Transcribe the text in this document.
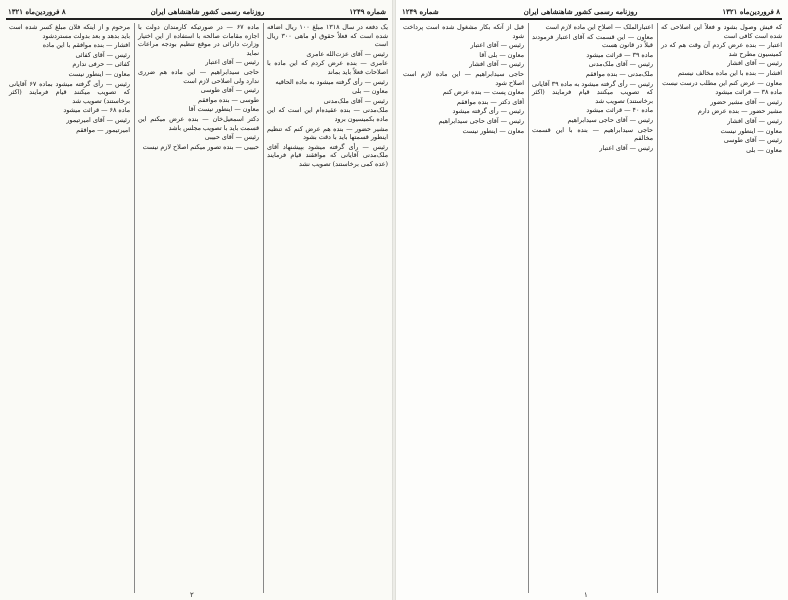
شماره ۱۲۴۹
روزنامه رسمی کشور شاهنشاهی ایران
۸ فروردین‌ماه ۱۳۲۱

یک دفعه در سال ۱۳۱۸ مبلغ ۱۰۰ ریال اضافه شده است که فعلاً حقوق او ماهی ۳۰۰ ریال است

رئیس — آقای عزت‌الله عامری

عامری — بنده عرض کردم که این ماده با اصلاحات فعلاً باید بماند

رئیس — رأی گرفته میشود به ماده الحاقیه

معاون — بلی

رئیس — آقای ملک‌مدنی

ملک‌مدنی — بنده عقیده‌ام این است که این ماده بکمیسیون برود

مشیر حضور — بنده هم عرض کنم که تنظیم اینطور قسمتها باید با دقت بشود

رئیس — رأی گرفته میشود بپیشنهاد آقای ملک‌مدنی آقایانی که موافقند قیام فرمایند (عده کمی برخاستند) تصویب نشد

ماده ۶۷ — در صورتیکه کارمندان دولت با اجازه مقامات صالحه با استفاده از این اختیار وزارت دارائی در موقع تنظیم بودجه مراعات نماید

رئیس — آقای اعتبار

حاجی سیدابراهیم — این ماده هم ضرری ندارد ولی اصلاحی لازم است

رئیس — آقای طوسی

طوسی — بنده موافقم

معاون — اینطور نیست آقا

دکتر اسمعیل‌خان — بنده عرض میکنم این قسمت باید با تصویب مجلس باشد

رئیس — آقای حبیبی

حبیبی — بنده تصور میکنم اصلاح لازم نیست

مرحوم و از اینکه فلان مبلغ کسر شده است باید بدهد و بعد بدولت مستردشود

افشار — بنده موافقم با این ماده

رئیس — آقای کفائی

کفائی — حرفی ندارم

معاون — اینطور نیست

رئیس — رأی گرفته میشود بماده ۶۷ آقایانی که تصویب میکنند قیام فرمایند (اکثر برخاستند) تصویب شد

ماده ۶۸ — قرائت میشود

رئیس — آقای امیرتیمور

امیرتیمور — موافقم

۲
۸ فروردین‌ماه ۱۳۲۱
روزنامه رسمی کشور شاهنشاهی ایران
شماره ۱۲۴۹

که فیش وصول بشود و فعلاً این اصلاحی که شده است کافی است

اعتبار — بنده عرض کردم آن وقت هم که در کمیسیون مطرح شد

رئیس — آقای افشار

افشار — بنده با این ماده مخالف نیستم

معاون — عرض کنم این مطلب درست نیست

ماده ۳۸ — قرائت میشود

رئیس — آقای مشیر حضور

مشیر حضور — بنده عرض دارم

رئیس — آقای افشار

معاون — اینطور نیست

رئیس — آقای طوسی

معاون — بلی

اعتبارالملک — اصلاح این ماده لازم است

معاون — این قسمت که آقای اعتبار فرمودند قبلاً در قانون هست

ماده ۳۹ — قرائت میشود

رئیس — آقای ملک‌مدنی

ملک‌مدنی — بنده موافقم

رئیس — رأی گرفته میشود به ماده ۳۹ آقایانی که تصویب میکنند قیام فرمایند (اکثر برخاستند) تصویب شد

ماده ۴۰ — قرائت میشود

رئیس — آقای حاجی سیدابراهیم

حاجی سیدابراهیم — بنده با این قسمت مخالفم

رئیس — آقای اعتبار

قبل از آنکه بکار مشغول شده است پرداخت شود

رئیس — آقای اعتبار

معاون — بلی آقا

رئیس — آقای افشار

حاجی سیدابراهیم — این ماده لازم است اصلاح شود

معاون پست — بنده عرض کنم

آقای دکتر — بنده موافقم

رئیس — رأی گرفته میشود

رئیس — آقای حاجی سیدابراهیم

معاون — اینطور نیست

۱
